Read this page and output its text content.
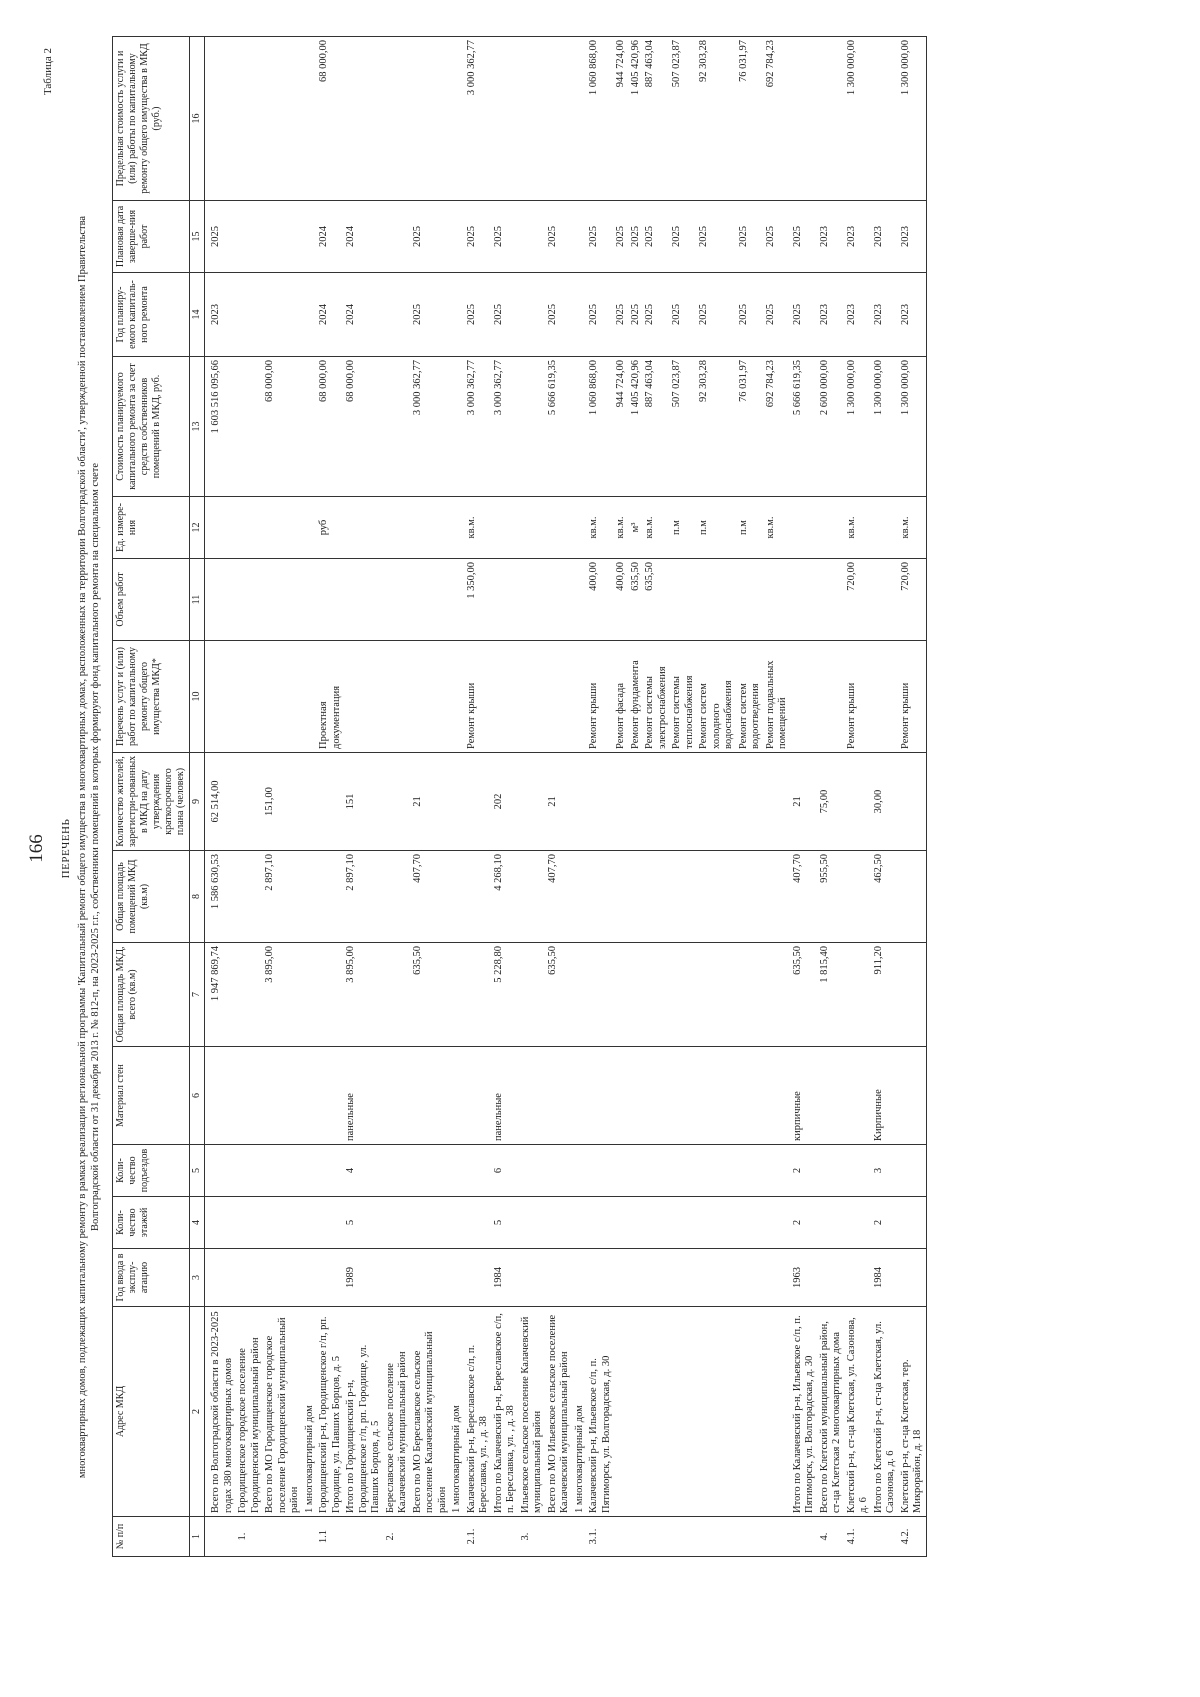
166
Таблица 2
ПЕРЕЧЕНЬ многоквартирных домов, подлежащих капитальному ремонту в рамках реализации региональной программы 'Капитальный ремонт общего имущества в многоквартирных домах, расположенных на территории Волгоградской области', утвержденной постановлением Правительства Волгоградской области от 31 декабря 2013 г. № 812-п, на 2023-2025 г.г., собственники помещений в которых формируют фонд капитального ремонта на специальном счете
№ п/п	Адрес МКД	Год ввода в эксплу-атацию	Коли-чество этажей	Коли-чество подъездов	Материал стен	Общая площадь МКД, всего (кв.м)	Общая площадь помещений МКД (кв.м)	Количество жителей, зарегистри-рованных в МКД на дату утверждения краткосрочного плана (человек)	Перечень услуг и (или) работ по капитальному ремонту общего имущества МКД*	Объем работ	Ед. измере-ния	Стоимость планируемого капитального ремонта за счет средств собственников помещений в МКД, руб.	Год планиру-емого капиталь-ного ремонта	Плановая дата заверше-ния работ	Предельная стоимость услуги и (или) работы по капитальному ремонту общего имущества в МКД (руб.)
1	2	3	4	5	6	7	8	9	10	11	12	13	14	15	16
	Всего по Волгоградской области в 2023-2025 годах 380 многоквартирных домов					1 947 869,74	1 586 630,53	62 514,00				1 603 516 095,66	2023	2025	
1.	Городищенское городское поселение Городищенский муниципальный район														
	Всего по МО Городищенское городское поселение Городищенский муниципальный район					3 895,00	2 897,10	151,00				68 000,00			
	1 многоквартирный дом														
1.1	Городищенский р-н, Городищенское г/п, рп. Городище, ул. Павших Борцов, д. 5								Проектная документация		руб	68 000,00	2024	2024	68 000,00
	Итого по Городищенский р-н, Городищенское г/п, рп. Городище, ул. Павших Борцов, д. 5	1989	5	4	панельные	3 895,00	2 897,10	151				68 000,00	2024	2024	
2.	Береславское сельское поселение Калачевский муниципальный район														
	Всего по МО Береславское сельское поселение Калачевский муниципальный район					635,50	407,70	21				3 000 362,77	2025	2025	
	1 многоквартирный дом														
2.1.	Калачевский р-н, Береславское с/п, п. Береславка, ул. , д. 38								Ремонт крыши	1 350,00	кв.м.	3 000 362,77	2025	2025	3 000 362,77
	Итого по Калачевский р-н, Береславское с/п, п. Береславка, ул. , д. 38	1984	5	6	панельные	5 228,80	4 268,10	202				3 000 362,77	2025	2025	
3.	Ильевское сельское поселение Калачевский муниципальный район														
	Всего по МО Ильевское сельское поселение Калачевский муниципальный район					635,50	407,70	21				5 666 619,35	2025	2025	
	1 многоквартирный дом														
3.1.	Калачевский р-н, Ильевское с/п, п. Пятиморск, ул. Волгорадская, д. 30								Ремонт крыши	400,00	кв.м.	1 060 868,00	2025	2025	1 060 868,00
									Ремонт фасада	400,00	кв.м.	944 724,00	2025	2025	944 724,00
									Ремонт фундамента	635,50	м³	1 405 420,96	2025	2025	1 405 420,96
									Ремонт системы электроснабжения	635,50	кв.м.	887 463,04	2025	2025	887 463,04
									Ремонт системы теплоснабжения		п.м	507 023,87	2025	2025	507 023,87
									Ремонт систем холодного водоснабжения		п.м	92 303,28	2025	2025	92 303,28
									Ремонт систем водоотведения		п.м	76 031,97	2025	2025	76 031,97
									Ремонт подвальных помещений		кв.м.	692 784,23	2025	2025	692 784,23
	Итого по Калачевский р-н, Ильевское с/п, п. Пятиморск, ул. Волгорадская, д. 30	1963	2	2	кирпичные	635,50	407,70	21				5 666 619,35	2025	2025	
4.	Всего по Клетский муниципальный район, ст-ца Клетская 2 многоквартирных дома					1 815,40	955,50	75,00				2 600 000,00	2023	2023	
4.1.	Клетский р-н, ст-ца Клетская, ул. Сазонова, д. 6								Ремонт крыши	720,00	кв.м.	1 300 000,00	2023	2023	1 300 000,00
	Итого по Клетский р-н, ст-ца Клетская, ул. Сазонова, д. 6	1984	2	3	Кирпичные	911,20	462,50	30,00				1 300 000,00	2023	2023	
4.2.	Клетский р-н, ст-ца Клетская, тер. Микрорайон, д. 18								Ремонт крыши	720,00	кв.м.	1 300 000,00	2023	2023	1 300 000,00
